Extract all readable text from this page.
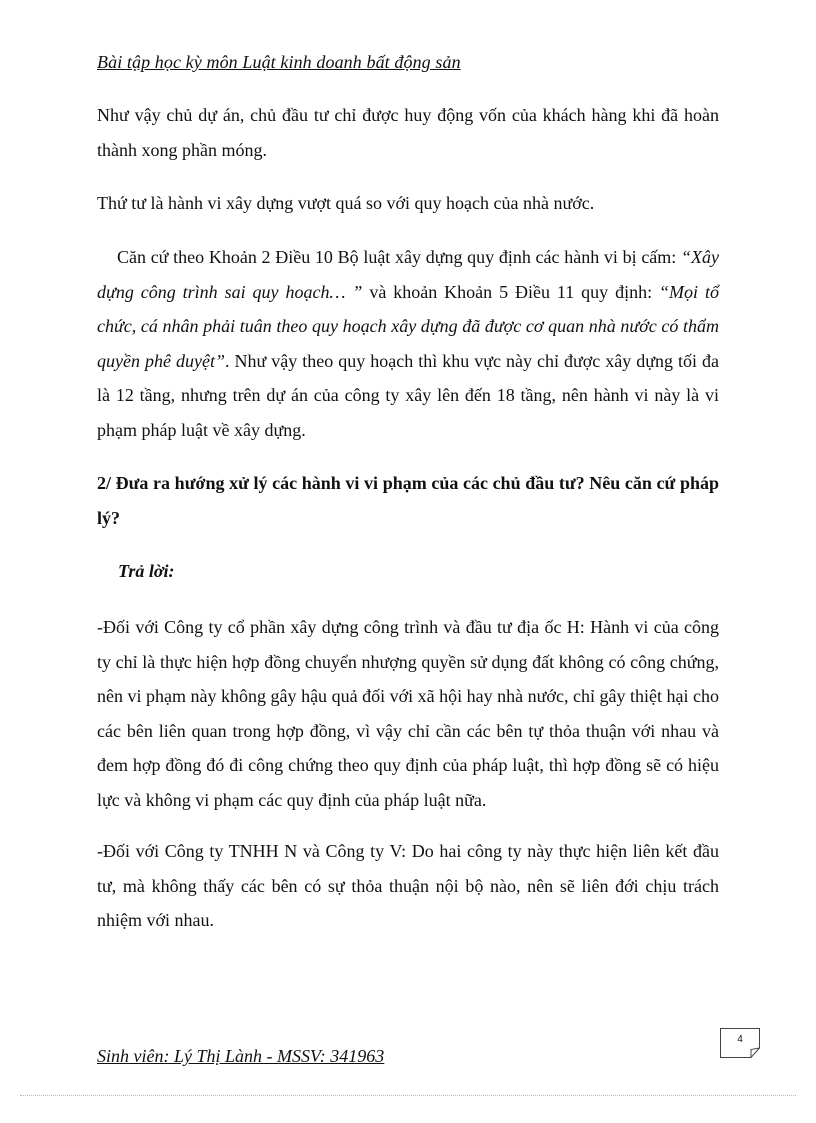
Bài tập học kỳ môn Luật kinh doanh bất động sản

Như vậy chủ dự án, chủ đầu tư chỉ được huy động vốn của khách hàng khi đã hoàn thành xong phần móng.

Thứ tư là hành vi xây dựng vượt quá so với quy hoạch của nhà nước.

Căn cứ theo Khoản 2 Điều 10 Bộ luật xây dựng quy định các hành vi bị cấm: “Xây dựng công trình sai quy hoạch… ” và khoản Khoản 5 Điều 11 quy định: “Mọi tổ chức, cá nhân phải tuân theo quy hoạch xây dựng đã được cơ quan nhà nước có thẩm quyền phê duyệt”. Như vậy theo quy hoạch thì khu vực này chỉ được xây dựng tối đa là 12 tầng, nhưng trên dự án của công ty xây lên đến 18 tầng, nên hành vi này là vi phạm pháp luật về xây dựng.

2/ Đưa ra hướng xử lý các hành vi vi phạm của các chủ đầu tư? Nêu căn cứ pháp lý?

Trả lời:

-Đối với Công ty cổ phần xây dựng công trình và đầu tư địa ốc H: Hành vi của công ty chỉ là thực hiện hợp đồng chuyển nhượng quyền sử dụng đất không có công chứng, nên vi phạm này không gây hậu quả đối với xã hội hay nhà nước, chỉ gây thiệt hại cho các bên liên quan trong hợp đồng, vì vậy chỉ cần các bên tự thỏa thuận với nhau và đem hợp đồng đó đi công chứng theo quy định của pháp luật, thì hợp đồng sẽ có hiệu lực và không vi phạm các quy định của pháp luật nữa.

-Đối với Công ty TNHH N và Công ty V: Do hai công ty này thực hiện liên kết đầu tư, mà không thấy các bên có sự thỏa thuận nội bộ nào, nên sẽ liên đới chịu trách nhiệm với nhau.

Sinh viên: Lý Thị Lành - MSSV: 341963
4
